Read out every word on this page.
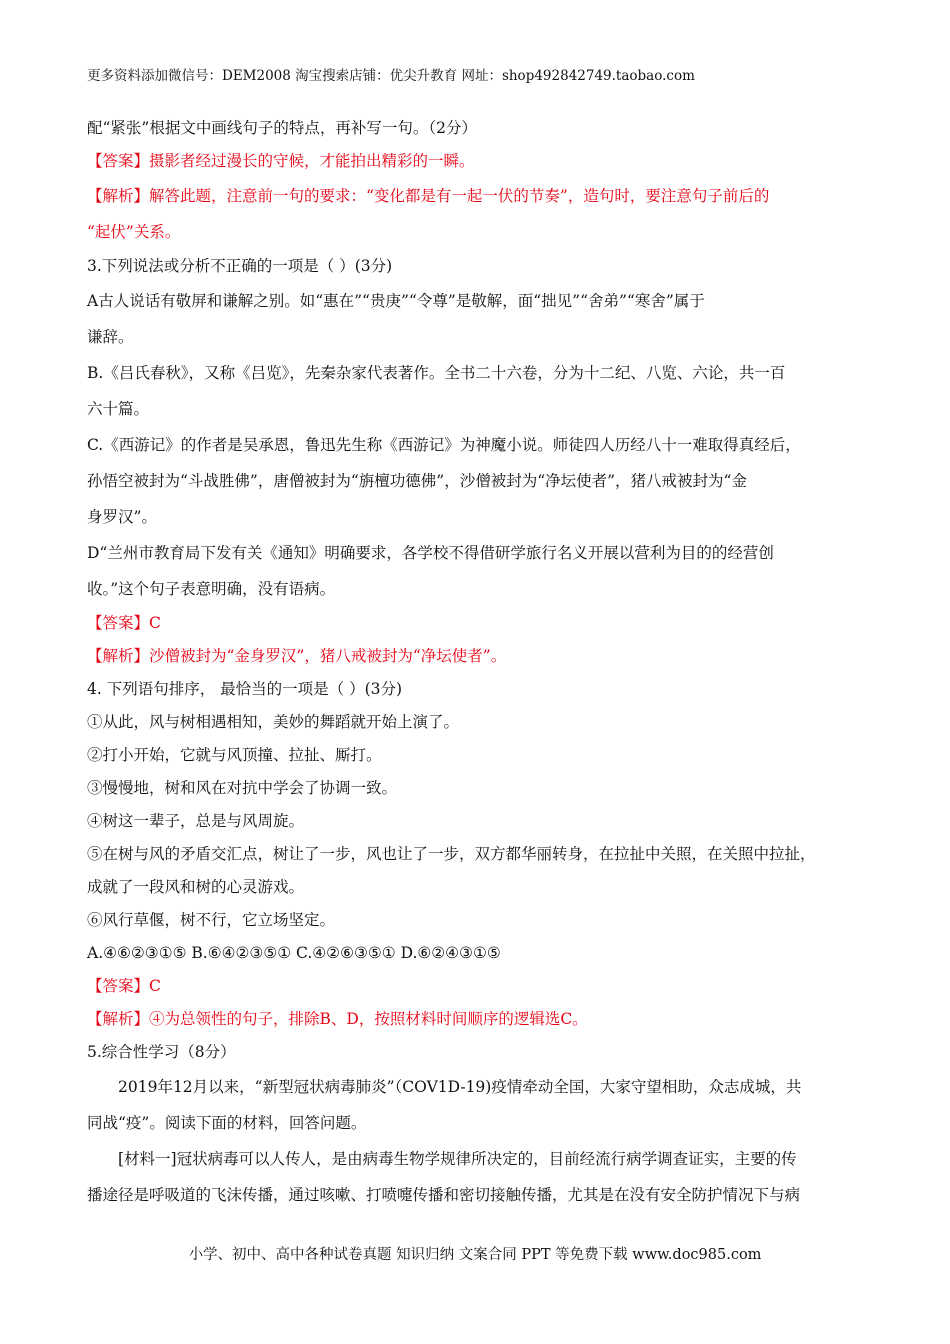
更多资料添加微信号：DEM2008 淘宝搜索店铺：优尖升教育 网址：shop492842749.taobao.com
配“紧张”根据文中画线句子的特点，再补写一句。（2分）
【答案】摄影者经过漫长的守候，才能拍出精彩的一瞬。
【解析】解答此题，注意前一句的要求：“变化都是有一起一伏的节奏”，造句时，要注意句子前后的
“起伏”关系。
3.下列说法或分析不正确的一项是（ ）(3分)
A古人说话有敬屏和谦解之别。如“惠在”“贵庚”“令尊”是敬解，面“拙见”“舍弟”“寒舍”属于
谦辞。
B.《吕氏春秋》，又称《吕览》，先秦杂家代表著作。全书二十六卷，分为十二纪、八览、六论，共一百
六十篇。
C.《西游记》的作者是吴承恩，鲁迅先生称《西游记》为神魔小说。师徒四人历经八十一难取得真经后，
孙悟空被封为“斗战胜佛”，唐僧被封为“旃檀功德佛”，沙僧被封为“净坛使者”，猪八戒被封为“金
身罗汉”。
D“兰州市教育局下发有关《通知》明确要求，各学校不得借研学旅行名义开展以营利为目的的经营创
收。”这个句子表意明确，没有语病。
【答案】C
【解析】沙僧被封为“金身罗汉”，猪八戒被封为“净坛使者”。
4. 下列语句排序， 最恰当的一项是（ ）(3分)
①从此，风与树相遇相知，美妙的舞蹈就开始上演了。
②打小开始，它就与风顶撞、拉扯、厮打。
③慢慢地，树和风在对抗中学会了协调一致。
④树这一辈子，总是与风周旋。
⑤在树与风的矛盾交汇点，树让了一步，风也让了一步，双方都华丽转身，在拉扯中关照，在关照中拉扯，
成就了一段风和树的心灵游戏。
⑥风行草偃，树不行，它立场坚定。
A.④⑥②③①⑤ B.⑥④②③⑤① C.④②⑥③⑤① D.⑥②④③①⑤
【答案】C
【解析】④为总领性的句子，排除B、D，按照材料时间顺序的逻辑选C。
5.综合性学习（8分）
2019年12月以来，“新型冠状病毒肺炎”（COV1D-19)疫情牵动全国，大家守望相助，众志成城，共
同战“疫”。阅读下面的材料，回答问题。
[材料一]冠状病毒可以人传人，是由病毒生物学规律所决定的，目前经流行病学调查证实，主要的传
播途径是呼吸道的飞沫传播，通过咳嗽、打喷嚏传播和密切接触传播，尤其是在没有安全防护情况下与病
小学、初中、高中各种试卷真题 知识归纳 文案合同 PPT 等免费下载 www.doc985.com
